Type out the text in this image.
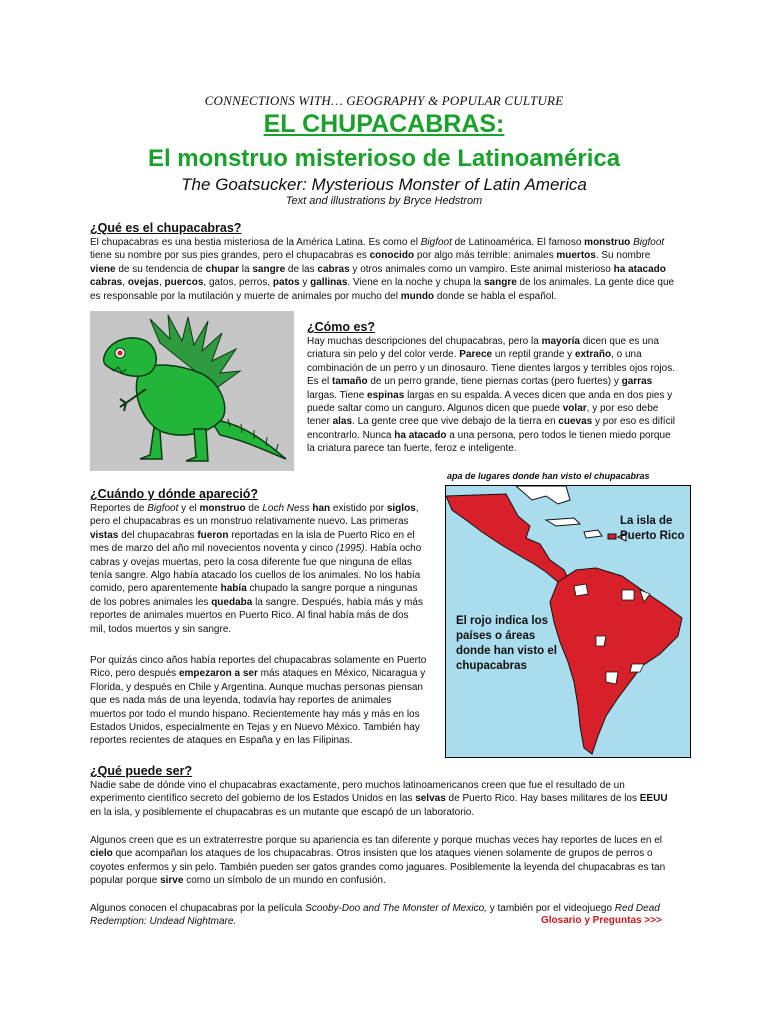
CONNECTIONS WITH… GEOGRAPHY & POPULAR CULTURE
EL CHUPACABRAS:
El monstruo misterioso de Latinoamérica
The Goatsucker: Mysterious Monster of Latin America
Text and illustrations by Bryce Hedstrom
¿Qué es el chupacabras?
El chupacabras es una bestia misteriosa de la América Latina. Es como el Bigfoot de Latinoamérica. El famoso monstruo Bigfoot
tiene su nombre por sus pies grandes, pero el chupacabras es conocido por algo más terrible: animales muertos. Su nombre
viene de su tendencia de chupar la sangre de las cabras y otros animales como un vampiro. Este animal misterioso ha atacado
cabras, ovejas, puercos, gatos, perros, patos y gallinas. Viene en la noche y chupa la sangre de los animales. La gente dice que
es responsable por la mutilación y muerte de animales por mucho del mundo donde se habla el español.
¿Cómo es?
Hay muchas descripciones del chupacabras, pero la mayoría dicen que es una
criatura sin pelo y del color verde. Parece un reptil grande y extraño, o una
combinación de un perro y un dinosauro. Tiene dientes largos y terribles ojos rojos.
Es el tamaño de un perro grande, tiene piernas cortas (pero fuertes) y garras
largas. Tiene espinas largas en su espalda. A veces dicen que anda en dos pies y
puede saltar como un canguro. Algunos dicen que puede volar, y por eso debe
tener alas. La gente cree que vive debajo de la tierra en cuevas y por eso es difícil
encontrarlo. Nunca ha atacado a una persona, pero todos le tienen miedo porque
la criatura parece tan fuerte, feroz e inteligente.
¿Cuándo y dónde apareció?
Reportes de Bigfoot y el monstruo de Loch Ness han existido por siglos,
pero el chupacabras es un monstruo relativamente nuevo. Las primeras
vistas del chupacabras fueron reportadas en la isla de Puerto Rico en el
mes de marzo del año mil novecientos noventa y cinco (1995). Había ocho
cabras y ovejas muertas, pero la cosa diferente fue que ninguna de ellas
tenía sangre. Algo había atacado los cuellos de los animales. No los había
comido, pero aparentemente había chupado la sangre porque a ningunas
de los pobres animales les quedaba la sangre. Después, había más y más
reportes de animales muertos en Puerto Rico. Al final había más de dos
mil, todos muertos y sin sangre.
Por quizás cinco años había reportes del chupacabras solamente en Puerto
Rico, pero después empezaron a ser más ataques en México, Nicaragua y
Florida, y después en Chile y Argentina. Aunque muchas personas piensan
que es nada más de una leyenda, todavía hay reportes de animales
muertos por todo el mundo hispano. Recientemente hay más y más en los
Estados Unidos, especialmente en Tejas y en Nuevo México. También hay
reportes recientes de ataques en España y en las Filipinas.
apa de lugares donde han visto el chupacabras
La isla de Puerto Rico
El rojo indica los países o áreas donde han visto el chupacabras
¿Qué puede ser?
Nadie sabe de dónde vino el chupacabras exactamente, pero muchos latinoamericanos creen que fue el resultado de un
experimento científico secreto del gobierno de los Estados Unidos en las selvas de Puerto Rico. Hay bases militares de los EEUU
en la isla, y posiblemente el chupacabras es un mutante que escapó de un laboratorio.
Algunos creen que es un extraterrestre porque su apariencia es tan diferente y porque muchas veces hay reportes de luces en el
cielo que acompañan los ataques de los chupacabras. Otros insisten que los ataques vienen solamente de grupos de perros o
coyotes enfermos y sin pelo. También pueden ser gatos grandes como jaguares. Posiblemente la leyenda del chupacabras es tan
popular porque sirve como un símbolo de un mundo en confusión.
Algunos conocen el chupacabras por la película Scooby-Doo and The Monster of Mexico, y también por el videojuego Red Dead
Redemption: Undead Nightmare.	Glosario y Preguntas >>>
